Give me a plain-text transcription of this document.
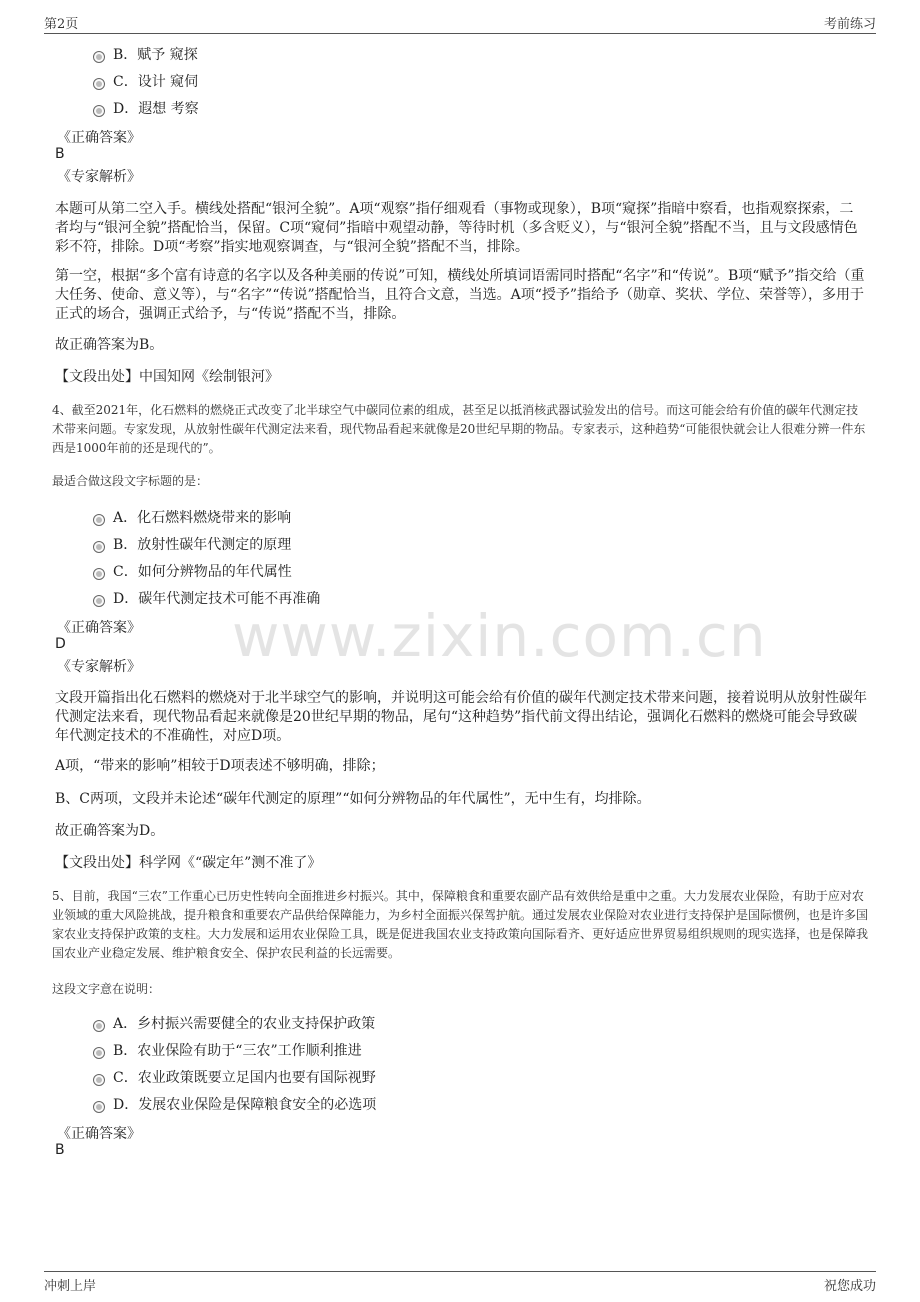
第2页	考前练习
www.zixin.com.cn
B．赋予 窥探
C．设计 窥伺
D．遐想 考察
《正确答案》
B
《专家解析》
本题可从第二空入手。横线处搭配“银河全貌”。A项“观察”指仔细观看（事物或现象），B项“窥探”指暗中察看，也指观察探索，二者均与“银河全貌”搭配恰当，保留。C项“窥伺”指暗中观望动静，等待时机（多含贬义），与“银河全貌”搭配不当，且与文段感情色彩不符，排除。D项“考察”指实地观察调查，与“银河全貌”搭配不当，排除。
第一空，根据“多个富有诗意的名字以及各种美丽的传说”可知，横线处所填词语需同时搭配“名字”和“传说”。B项“赋予”指交给（重大任务、使命、意义等），与“名字”“传说”搭配恰当，且符合文意，当选。A项“授予”指给予（勋章、奖状、学位、荣誉等），多用于正式的场合，强调正式给予，与“传说”搭配不当，排除。
故正确答案为B。
【文段出处】中国知网《绘制银河》
4、截至2021年，化石燃料的燃烧正式改变了北半球空气中碳同位素的组成，甚至足以抵消核武器试验发出的信号。而这可能会给有价值的碳年代测定技术带来问题。专家发现，从放射性碳年代测定法来看，现代物品看起来就像是20世纪早期的物品。专家表示，这种趋势“可能很快就会让人很难分辨一件东西是1000年前的还是现代的”。
最适合做这段文字标题的是：
A．化石燃料燃烧带来的影响
B．放射性碳年代测定的原理
C．如何分辨物品的年代属性
D．碳年代测定技术可能不再准确
《正确答案》
D
《专家解析》
文段开篇指出化石燃料的燃烧对于北半球空气的影响，并说明这可能会给有价值的碳年代测定技术带来问题，接着说明从放射性碳年代测定法来看，现代物品看起来就像是20世纪早期的物品，尾句“这种趋势”指代前文得出结论，强调化石燃料的燃烧可能会导致碳年代测定技术的不准确性，对应D项。
A项，“带来的影响”相较于D项表述不够明确，排除；
B、C两项，文段并未论述“碳年代测定的原理”“如何分辨物品的年代属性”，无中生有，均排除。
故正确答案为D。
【文段出处】科学网《“碳定年”测不准了》
5、目前，我国“三农”工作重心已历史性转向全面推进乡村振兴。其中，保障粮食和重要农副产品有效供给是重中之重。大力发展农业保险，有助于应对农业领域的重大风险挑战，提升粮食和重要农产品供给保障能力，为乡村全面振兴保驾护航。通过发展农业保险对农业进行支持保护是国际惯例，也是许多国家农业支持保护政策的支柱。大力发展和运用农业保险工具，既是促进我国农业支持政策向国际看齐、更好适应世界贸易组织规则的现实选择，也是保障我国农业产业稳定发展、维护粮食安全、保护农民利益的长远需要。
这段文字意在说明：
A．乡村振兴需要健全的农业支持保护政策
B．农业保险有助于“三农”工作顺利推进
C．农业政策既要立足国内也要有国际视野
D．发展农业保险是保障粮食安全的必选项
《正确答案》
B
冲刺上岸	祝您成功
